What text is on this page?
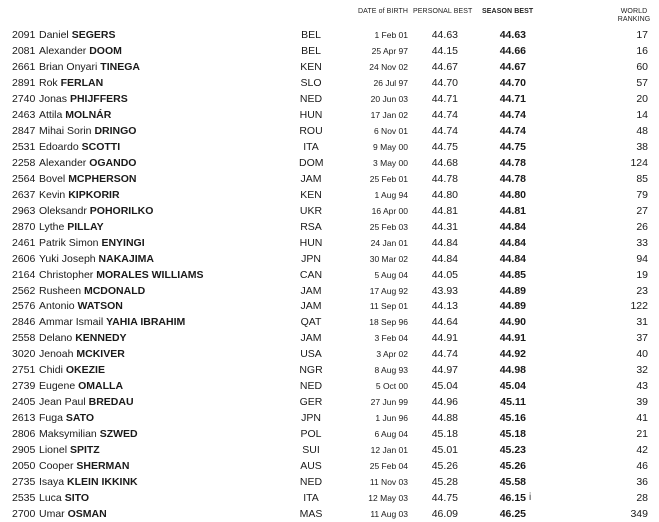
DATE of BIRTH PERSONAL BEST SEASON BEST	WORLD
RANKING
2091 Daniel SEGERS	BEL	1 Feb 01	44.63	44.63	17
2081 Alexander DOOM	BEL	25 Apr 97	44.15	44.66	16
2661 Brian Onyari TINEGA	KEN	24 Nov 02	44.67	44.67	60
2891 Rok FERLAN	SLO	26 Jul 97	44.70	44.70	57
2740 Jonas PHIJFFERS	NED	20 Jun 03	44.71	44.71	20
2463 Attila MOLNÁR	HUN	17 Jan 02	44.74	44.74	14
2847 Mihai Sorin DRINGO	ROU	6 Nov 01	44.74	44.74	48
2531 Edoardo SCOTTI	ITA	9 May 00	44.75	44.75	38
2258 Alexander OGANDO	DOM	3 May 00	44.68	44.78	124
2564 Bovel MCPHERSON	JAM	25 Feb 01	44.78	44.78	85
2637 Kevin KIPKORIR	KEN	1 Aug 94	44.80	44.80	79
2963 Oleksandr POHORILKO	UKR	16 Apr 00	44.81	44.81	27
2870 Lythe PILLAY	RSA	25 Feb 03	44.31	44.84	26
2461 Patrik Simon ENYINGI	HUN	24 Jan 01	44.84	44.84	33
2606 Yuki Joseph NAKAJIMA	JPN	30 Mar 02	44.84	44.84	94
2164 Christopher MORALES WILLIAMS	CAN	5 Aug 04	44.05	44.85	19
2562 Rusheen MCDONALD	JAM	17 Aug 92	43.93	44.89	23
2576 Antonio WATSON	JAM	11 Sep 01	44.13	44.89	122
2846 Ammar Ismail YAHIA IBRAHIM	QAT	18 Sep 96	44.64	44.90	31
2558 Delano KENNEDY	JAM	3 Feb 04	44.91	44.91	37
3020 Jenoah MCKIVER	USA	3 Apr 02	44.74	44.92	40
2751 Chidi OKEZIE	NGR	8 Aug 93	44.97	44.98	32
2739 Eugene OMALLA	NED	5 Oct 00	45.04	45.04	43
2405 Jean Paul BREDAU	GER	27 Jun 99	44.96	45.11	39
2613 Fuga SATO	JPN	1 Jun 96	44.88	45.16	41
2806 Maksymilian SZWED	POL	6 Aug 04	45.18	45.18	21
2905 Lionel SPITZ	SUI	12 Jan 01	45.01	45.23	42
2050 Cooper SHERMAN	AUS	25 Feb 04	45.26	45.26	46
2735 Isaya KLEIN IKKINK	NED	11 Nov 03	45.28	45.58	36
2535 Luca SITO	ITA	12 May 03	44.75	46.15 i	28
2700 Umar OSMAN	MAS	11 Aug 03	46.09	46.25	349
